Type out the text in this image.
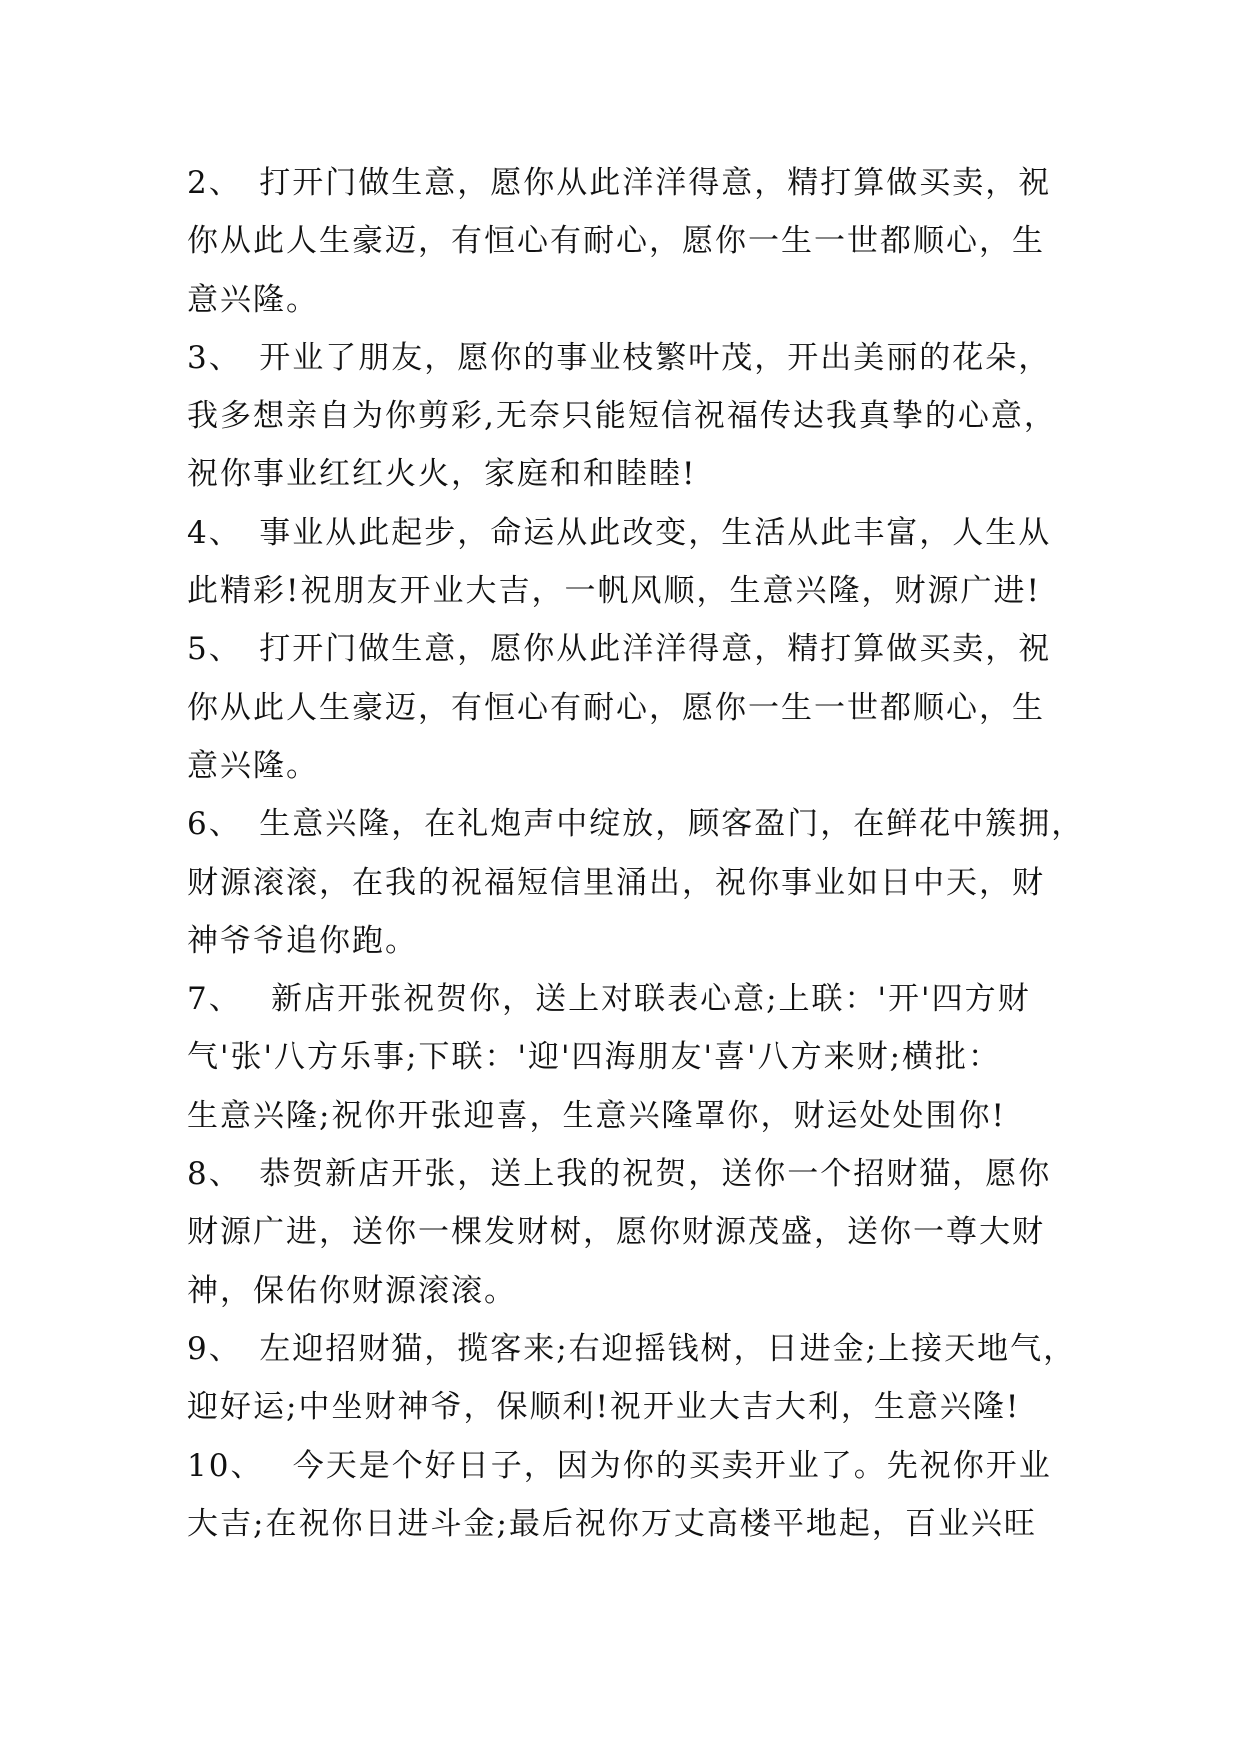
2、　打开门做生意，愿你从此洋洋得意，精打算做买卖，祝
你从此人生豪迈，有恒心有耐心，愿你一生一世都顺心，生
意兴隆。
3、　开业了朋友，愿你的事业枝繁叶茂，开出美丽的花朵，
我多想亲自为你剪彩,无奈只能短信祝福传达我真挚的心意，
祝你事业红红火火，家庭和和睦睦!
4、　事业从此起步，命运从此改变，生活从此丰富，人生从
此精彩!祝朋友开业大吉，一帆风顺，生意兴隆，财源广进!
5、　打开门做生意，愿你从此洋洋得意，精打算做买卖，祝
你从此人生豪迈，有恒心有耐心，愿你一生一世都顺心，生
意兴隆。
6、　生意兴隆，在礼炮声中绽放，顾客盈门，在鲜花中簇拥，
财源滚滚，在我的祝福短信里涌出，祝你事业如日中天，财
神爷爷追你跑。
7、　 新店开张祝贺你，送上对联表心意;上联：'开'四方财
气'张'八方乐事;下联：'迎'四海朋友'喜'八方来财;横批：
生意兴隆;祝你开张迎喜，生意兴隆罩你，财运处处围你!
8、　恭贺新店开张，送上我的祝贺，送你一个招财猫，愿你
财源广进，送你一棵发财树，愿你财源茂盛，送你一尊大财
神，保佑你财源滚滚。
9、　左迎招财猫，揽客来;右迎摇钱树，日进金;上接天地气，
迎好运;中坐财神爷，保顺利!祝开业大吉大利，生意兴隆!
10、　 今天是个好日子，因为你的买卖开业了。先祝你开业
大吉;在祝你日进斗金;最后祝你万丈高楼平地起，百业兴旺
